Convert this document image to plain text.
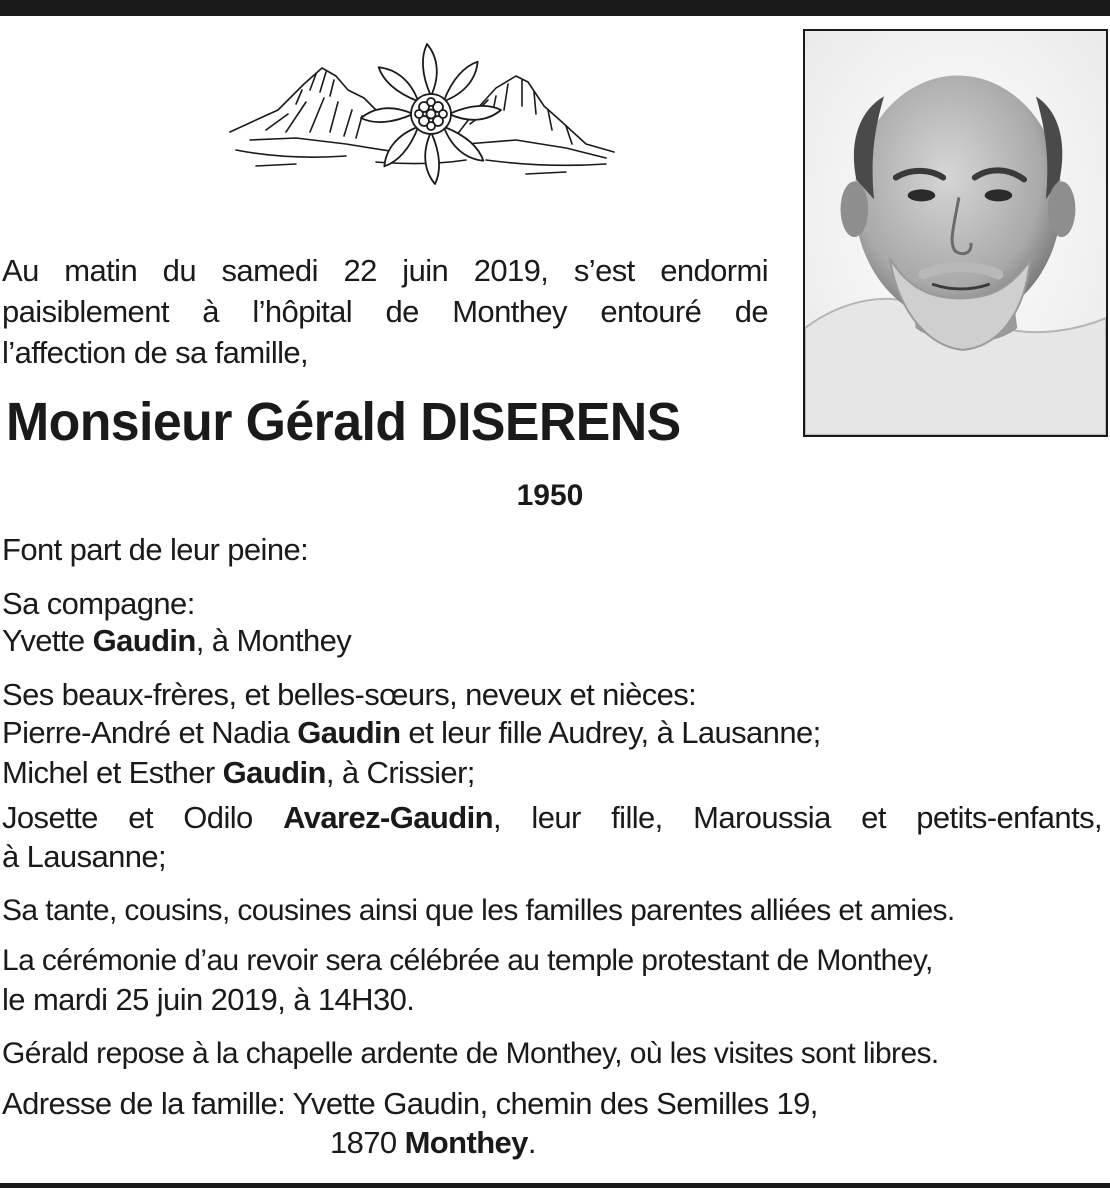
Au matin du samedi 22 juin 2019, s’est endormi
paisiblement à l’hôpital de Monthey entouré de
l’affection de sa famille,
Monsieur Gérald DISERENS

1950

Font part de leur peine:

Sa compagne:

Yvette Gaudin, à Monthey

Ses beaux-frères, et belles-sœurs, neveux et nièces:

Pierre-André et Nadia Gaudin et leur fille Audrey, à Lausanne;

Michel et Esther Gaudin, à Crissier;

Josette et Odilo Avarez-Gaudin, leur fille, Maroussia et petits-enfants,

à Lausanne;

Sa tante, cousins, cousines ainsi que les familles parentes alliées et amies.

La cérémonie d’au revoir sera célébrée au temple protestant de Monthey,

le mardi 25 juin 2019, à 14H30.

Gérald repose à la chapelle ardente de Monthey, où les visites sont libres.

Adresse de la famille: Yvette Gaudin, chemin des Semilles 19,

1870 Monthey.
